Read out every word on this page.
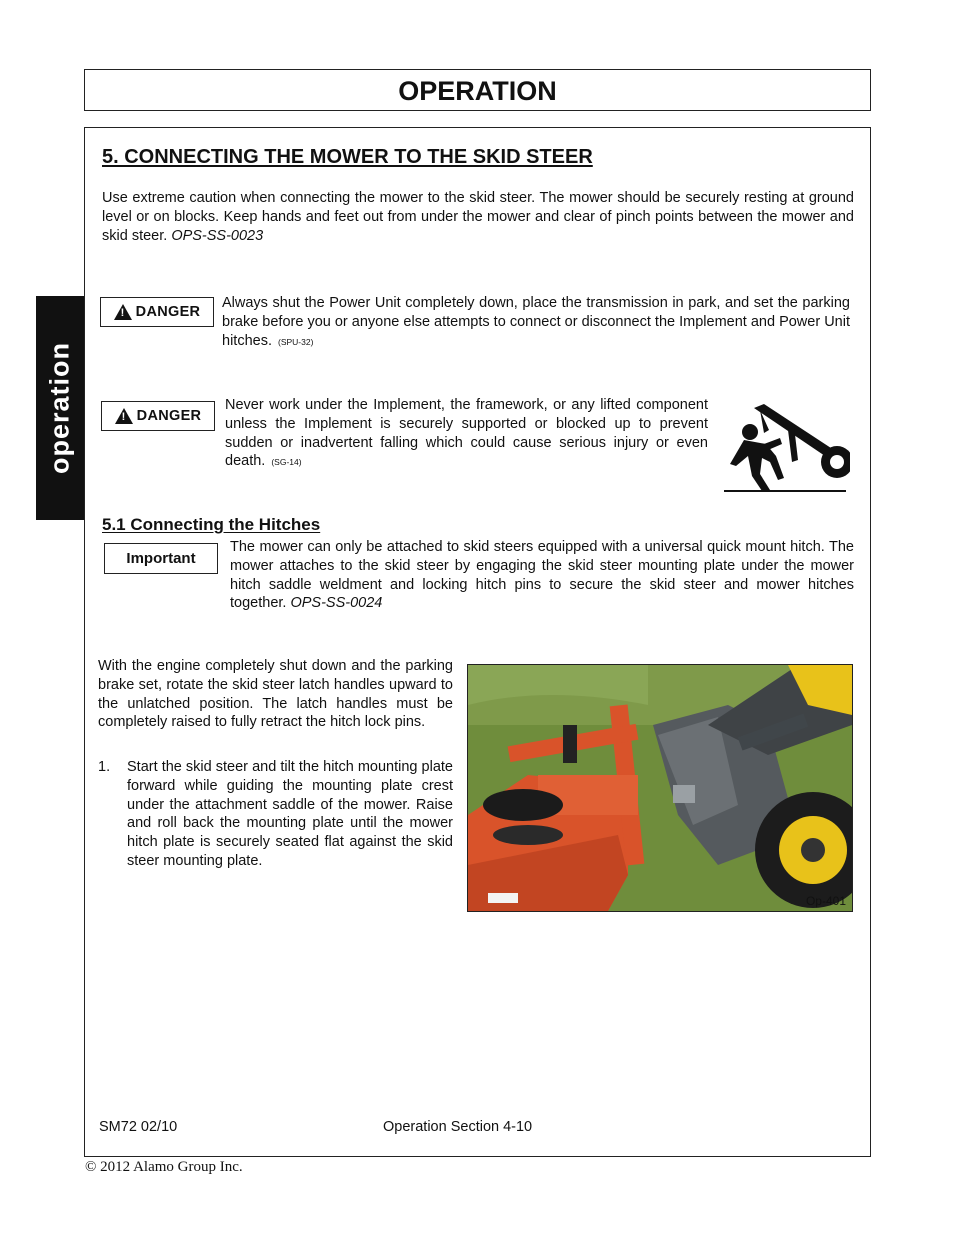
OPERATION
operation
5. CONNECTING THE MOWER TO THE SKID STEER

Use extreme caution when connecting the mower to the skid steer. The mower should be securely resting at ground level or on blocks. Keep hands and feet out from under the mower and clear of pinch points between the mower and skid steer. OPS-SS-0023

!
DANGER

Always shut the Power Unit completely down, place the transmission in park, and set the parking brake before you or anyone else attempts to connect or disconnect the Implement and Power Unit hitches. (SPU-32)

!
DANGER

Never work under the Implement, the framework, or any lifted component unless the Implement is securely supported or blocked up to prevent sudden or inadvertent falling which could cause serious injury or even death. (SG-14)

5.1 Connecting the Hitches
Important

The mower can only be attached to skid steers equipped with a universal quick mount hitch. The mower attaches to the skid steer by engaging the skid steer mounting plate under the mower hitch saddle weldment and locking hitch pins to secure the skid steer and mower hitches together. OPS-SS-0024

With the engine completely shut down and the parking brake set, rotate the skid steer latch handles upward to the unlatched position. The latch handles must be completely raised to fully retract the hitch lock pins.

1. Start the skid steer and tilt the hitch mounting plate forward while guiding the mounting plate crest under the attachment saddle of the mower. Raise and roll back the mounting plate until the mower hitch plate is securely seated flat against the skid steer mounting plate.

Op-401
SM72 02/10	Operation Section 4-10
© 2012 Alamo Group Inc.
